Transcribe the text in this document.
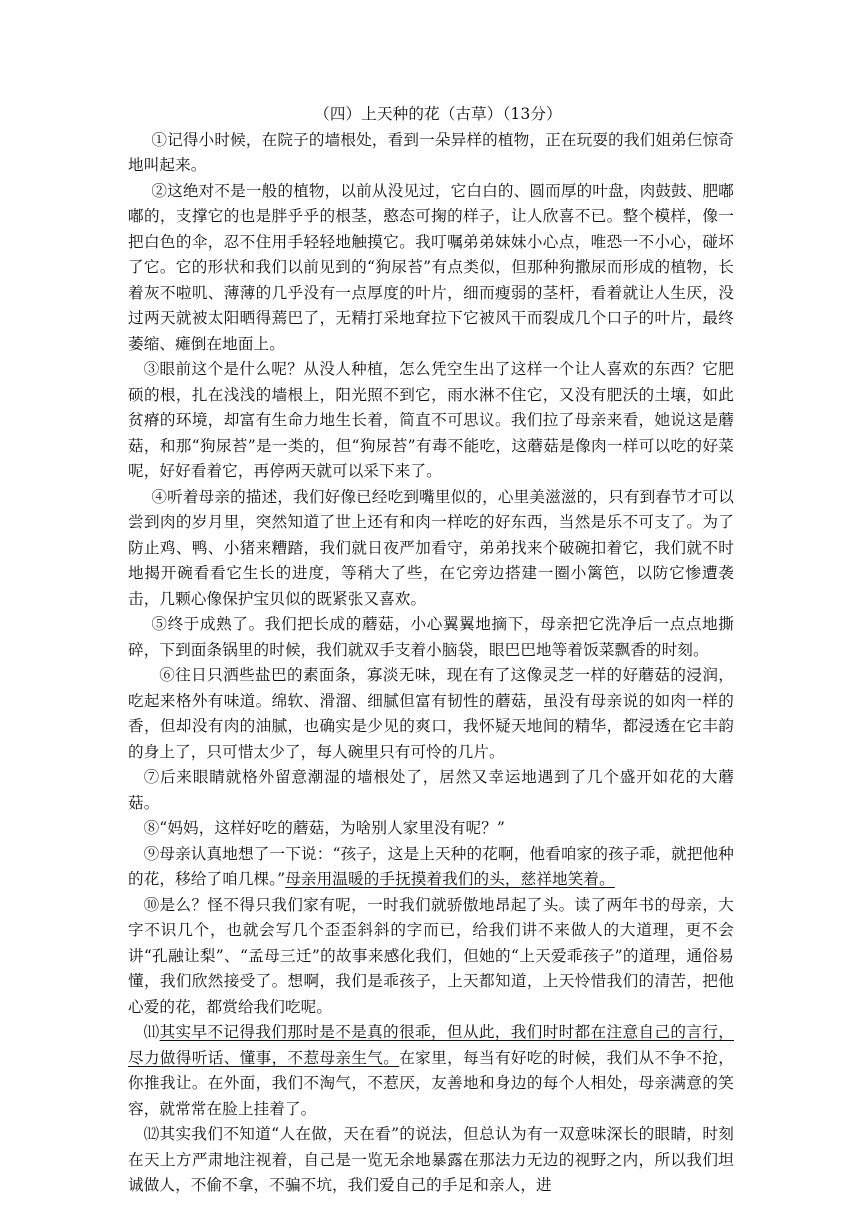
（四）上天种的花（古草）（13分）

①记得小时候，在院子的墙根处，看到一朵异样的植物，正在玩耍的我们姐弟仨惊奇地叫起来。

②这绝对不是一般的植物，以前从没见过，它白白的、圆而厚的叶盘，肉鼓鼓、肥嘟嘟的，支撑它的也是胖乎乎的根茎，憨态可掬的样子，让人欣喜不已。整个模样，像一把白色的伞，忍不住用手轻轻地触摸它。我叮嘱弟弟妹妹小心点，唯恐一不小心，碰坏了它。它的形状和我们以前见到的“狗尿苔”有点类似，但那种狗撒尿而形成的植物，长着灰不啦叽、薄薄的几乎没有一点厚度的叶片，细而瘦弱的茎杆，看着就让人生厌，没过两天就被太阳晒得蔫巴了，无精打采地耷拉下它被风干而裂成几个口子的叶片，最终萎缩、瘫倒在地面上。

③眼前这个是什么呢？从没人种植，怎么凭空生出了这样一个让人喜欢的东西？它肥硕的根，扎在浅浅的墙根上，阳光照不到它，雨水淋不住它，又没有肥沃的土壤，如此贫瘠的环境，却富有生命力地生长着，简直不可思议。我们拉了母亲来看，她说这是蘑菇，和那“狗尿苔”是一类的，但“狗尿苔”有毒不能吃，这蘑菇是像肉一样可以吃的好菜呢，好好看着它，再停两天就可以采下来了。

④听着母亲的描述，我们好像已经吃到嘴里似的，心里美滋滋的，只有到春节才可以尝到肉的岁月里，突然知道了世上还有和肉一样吃的好东西，当然是乐不可支了。为了防止鸡、鸭、小猪来糟踏，我们就日夜严加看守，弟弟找来个破碗扣着它，我们就不时地揭开碗看看它生长的进度，等稍大了些，在它旁边搭建一圈小篱笆，以防它惨遭袭击，几颗心像保护宝贝似的既紧张又喜欢。

⑤终于成熟了。我们把长成的蘑菇，小心翼翼地摘下，母亲把它洗净后一点点地撕碎，下到面条锅里的时候，我们就双手支着小脑袋，眼巴巴地等着饭菜飘香的时刻。

⑥往日只洒些盐巴的素面条，寡淡无味，现在有了这像灵芝一样的好蘑菇的浸润，吃起来格外有味道。绵软、滑溜、细腻但富有韧性的蘑菇，虽没有母亲说的如肉一样的香，但却没有肉的油腻，也确实是少见的爽口，我怀疑天地间的精华，都浸透在它丰韵的身上了，只可惜太少了，每人碗里只有可怜的几片。

⑦后来眼睛就格外留意潮湿的墙根处了，居然又幸运地遇到了几个盛开如花的大蘑菇。

⑧“妈妈，这样好吃的蘑菇，为啥别人家里没有呢？”

⑨母亲认真地想了一下说：“孩子，这是上天种的花啊，他看咱家的孩子乖，就把他种的花，移给了咱几棵。”母亲用温暖的手抚摸着我们的头，慈祥地笑着。

⑩是么？怪不得只我们家有呢，一时我们就骄傲地昂起了头。读了两年书的母亲，大字不识几个，也就会写几个歪歪斜斜的字而已，给我们讲不来做人的大道理，更不会讲“孔融让梨”、“孟母三迁”的故事来感化我们，但她的“上天爱乖孩子”的道理，通俗易懂，我们欣然接受了。想啊，我们是乖孩子，上天都知道，上天怜惜我们的清苦，把他心爱的花，都赏给我们吃呢。

⑾其实早不记得我们那时是不是真的很乖，但从此，我们时时都在注意自己的言行，尽力做得听话、懂事，不惹母亲生气。在家里，每当有好吃的时候，我们从不争不抢，你推我让。在外面，我们不淘气，不惹厌，友善地和身边的每个人相处，母亲满意的笑容，就常常在脸上挂着了。

⑿其实我们不知道“人在做，天在看”的说法，但总认为有一双意味深长的眼睛，时刻在天上方严肃地注视着，自己是一览无余地暴露在那法力无边的视野之内，所以我们坦诚做人，不偷不拿，不骗不坑，我们爱自己的手足和亲人，进
